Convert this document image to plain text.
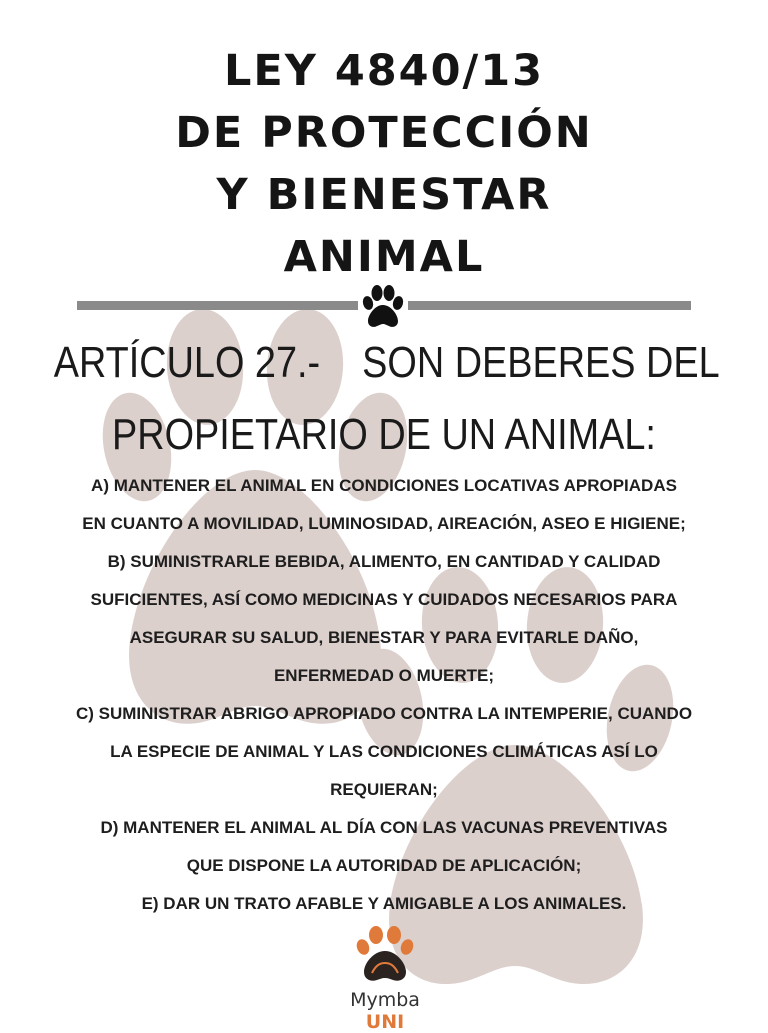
LEY 4840/13
DE PROTECCIÓN
Y BIENESTAR
ANIMAL
ARTÍCULO 27.- SON DEBERES DEL
PROPIETARIO DE UN ANIMAL:
A) MANTENER EL ANIMAL EN CONDICIONES LOCATIVAS APROPIADAS
EN CUANTO A MOVILIDAD, LUMINOSIDAD, AIREACIÓN, ASEO E HIGIENE;
B) SUMINISTRARLE BEBIDA, ALIMENTO, EN CANTIDAD Y CALIDAD
SUFICIENTES, ASÍ COMO MEDICINAS Y CUIDADOS NECESARIOS PARA
ASEGURAR SU SALUD, BIENESTAR Y PARA EVITARLE DAÑO,
ENFERMEDAD O MUERTE;
C) SUMINISTRAR ABRIGO APROPIADO CONTRA LA INTEMPERIE, CUANDO
LA ESPECIE DE ANIMAL Y LAS CONDICIONES CLIMÁTICAS ASÍ LO
REQUIERAN;
D) MANTENER EL ANIMAL AL DÍA CON LAS VACUNAS PREVENTIVAS
QUE DISPONE LA AUTORIDAD DE APLICACIÓN;
E) DAR UN TRATO AFABLE Y AMIGABLE A LOS ANIMALES.
Mymba UNI
